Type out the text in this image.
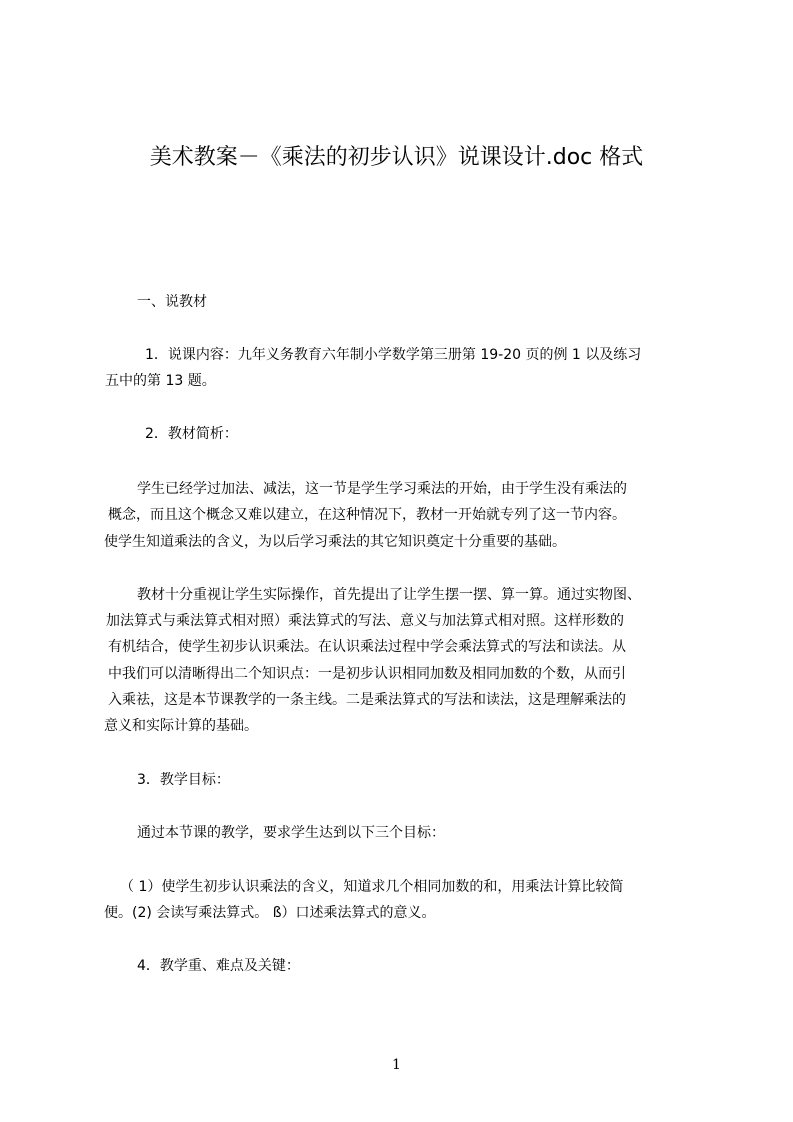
美术教案－《乘法的初步认识》说课设计.doc 格式
一、说教材
1．说课内容：九年义务教育六年制小学数学第三册第 19-20 页的例 1 以及练习
五中的第 13 题。
2．教材简析：
学生已经学过加法、减法，这一节是学生学习乘法的开始，由于学生没有乘法的
概念，而且这个概念又难以建立，在这种情况下，教材一开始就专列了这一节内容。
使学生知道乘法的含义，为以后学习乘法的其它知识奠定十分重要的基础。
教材十分重视让学生实际操作，首先提出了让学生摆一摆、算一算。通过实物图、
加法算式与乘法算式相对照）乘法算式的写法、意义与加法算式相对照。这样形数的
有机结合，使学生初步认识乘法。在认识乘法过程中学会乘法算式的写法和读法。从
中我们可以清晰得出二个知识点：一是初步认识相同加数及相同加数的个数，从而引
入乘祛，这是本节课教学的一条主线。二是乘法算式的写法和读法，这是理解乘法的
意义和实际计算的基础。
3．教学目标：
通过本节课的教学，要求学生达到以下三个目标：
（ 1）使学生初步认识乘法的含义，知道求几个相同加数的和，用乘法计算比较简
便。(2) 会读写乘法算式。 ß）口述乘法算式的意义。
4．教学重、难点及关键：
1
